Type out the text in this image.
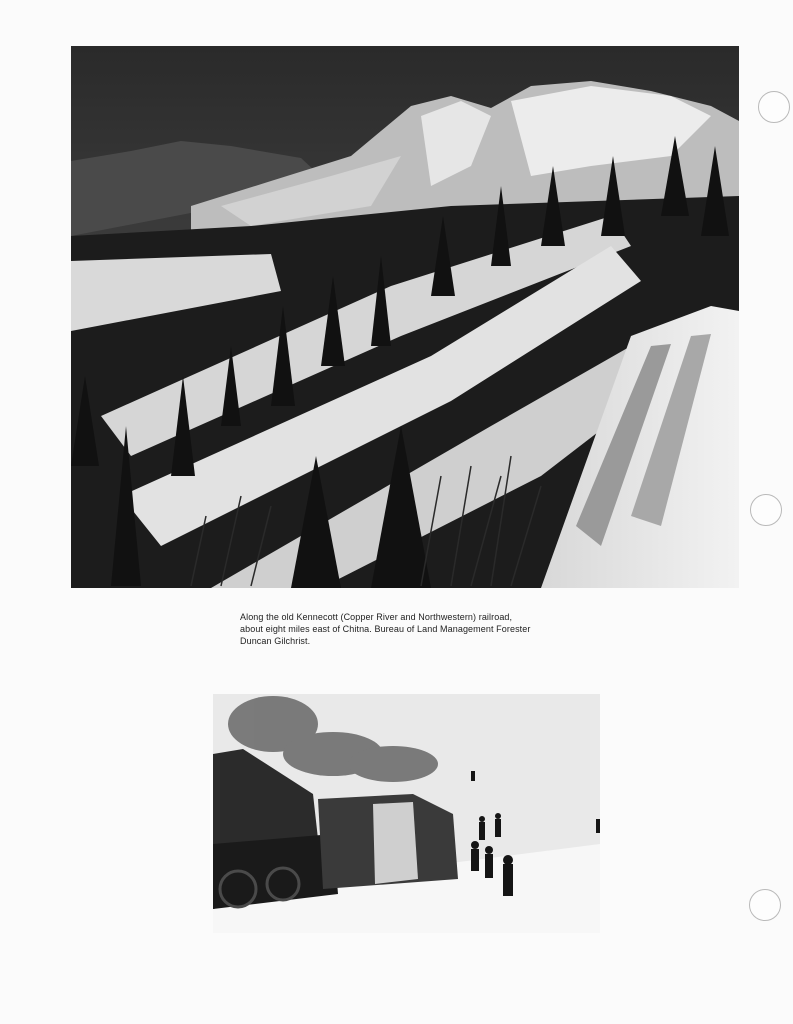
Along the old Kennecott (Copper River and Northwestern) railroad,
about eight miles east of Chitna. Bureau of Land Management Forester
Duncan Gilchrist.
